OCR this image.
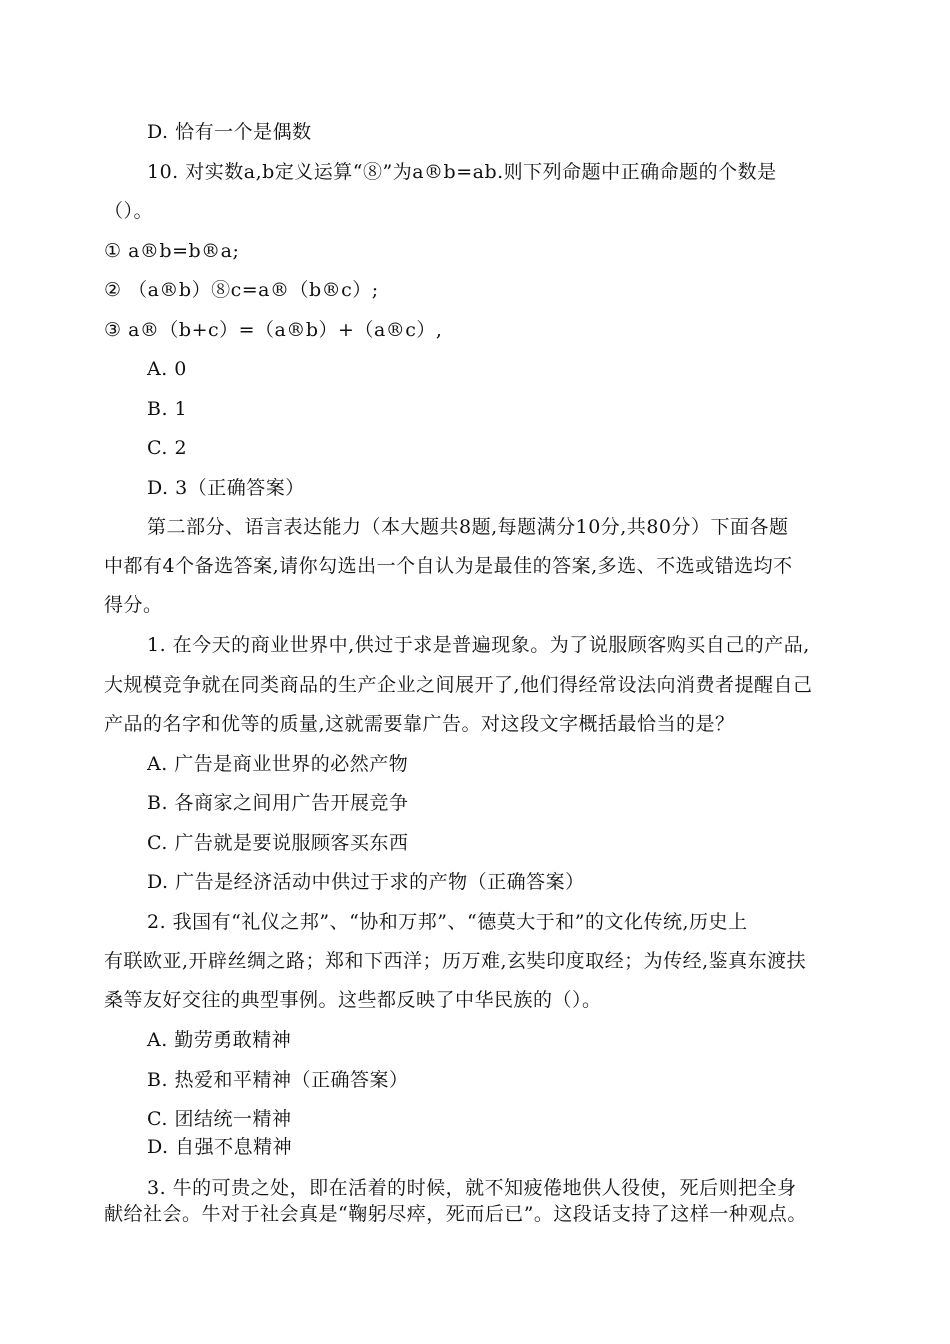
D. 恰有一个是偶数
10. 对实数a,b定义运算“⑧”为a®b=ab.则下列命题中正确命题的个数是
（）。
① a®b=b®a;
② （a®b）⑧c=a®（b®c）;
③ a®（b+c）=（a®b）+（a®c）,
A. 0
B. 1
C. 2
D. 3（正确答案）
第二部分、语言表达能力（本大题共8题,每题满分10分,共80分）下面各题
中都有4个备选答案,请你勾选出一个自认为是最佳的答案,多选、不选或错选均不
得分。
1. 在今天的商业世界中,供过于求是普遍现象。为了说服顾客购买自己的产品,
大规模竞争就在同类商品的生产企业之间展开了,他们得经常设法向消费者提醒自己
产品的名字和优等的质量,这就需要靠广告。对这段文字概括最恰当的是？
A. 广告是商业世界的必然产物
B. 各商家之间用广告开展竞争
C. 广告就是要说服顾客买东西
D. 广告是经济活动中供过于求的产物（正确答案）
2. 我国有“礼仪之邦”、“协和万邦”、“德莫大于和”的文化传统,历史上
有联欧亚,开辟丝绸之路；郑和下西洋；历万难,玄奘印度取经；为传经,鉴真东渡扶
桑等友好交往的典型事例。这些都反映了中华民族的（）。
A. 勤劳勇敢精神
B. 热爱和平精神（正确答案）
C. 团结统一精神
D. 自强不息精神
3. 牛的可贵之处，即在活着的时候，就不知疲倦地供人役使，死后则把全身
献给社会。牛对于社会真是“鞠躬尽瘁，死而后已”。这段话支持了这样一种观点。
